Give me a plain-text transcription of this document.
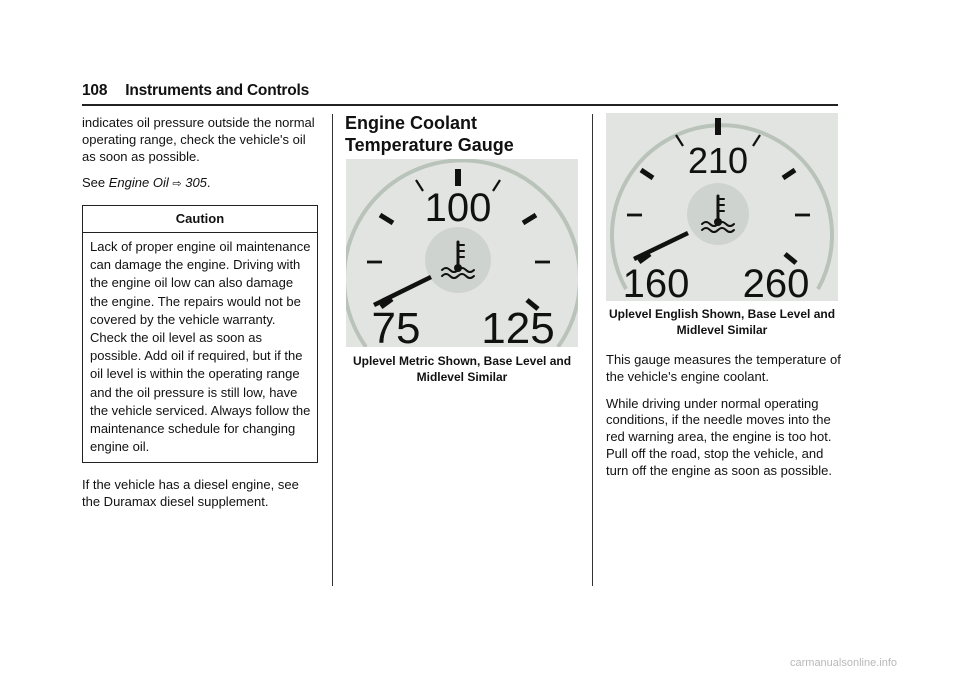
108 Instruments and Controls

indicates oil pressure outside the normal operating range, check the vehicle's oil as soon as possible.

See Engine Oil ⇨ 305.

Caution
Lack of proper engine oil maintenance can damage the engine. Driving with the engine oil low can also damage the engine. The repairs would not be covered by the vehicle warranty. Check the oil level as soon as possible. Add oil if required, but if the oil level is within the operating range and the oil pressure is still low, have the vehicle serviced. Always follow the maintenance schedule for changing engine oil.

If the vehicle has a diesel engine, see the Duramax diesel supplement.

Engine Coolant Temperature Gauge
100
75 125
Uplevel Metric Shown, Base Level and
Midlevel Similar
210
160 260
Uplevel English Shown, Base Level and
Midlevel Similar

This gauge measures the temperature of the vehicle's engine coolant.

While driving under normal operating conditions, if the needle moves into the red warning area, the engine is too hot. Pull off the road, stop the vehicle, and turn off the engine as soon as possible.

carmanualsonline.info
